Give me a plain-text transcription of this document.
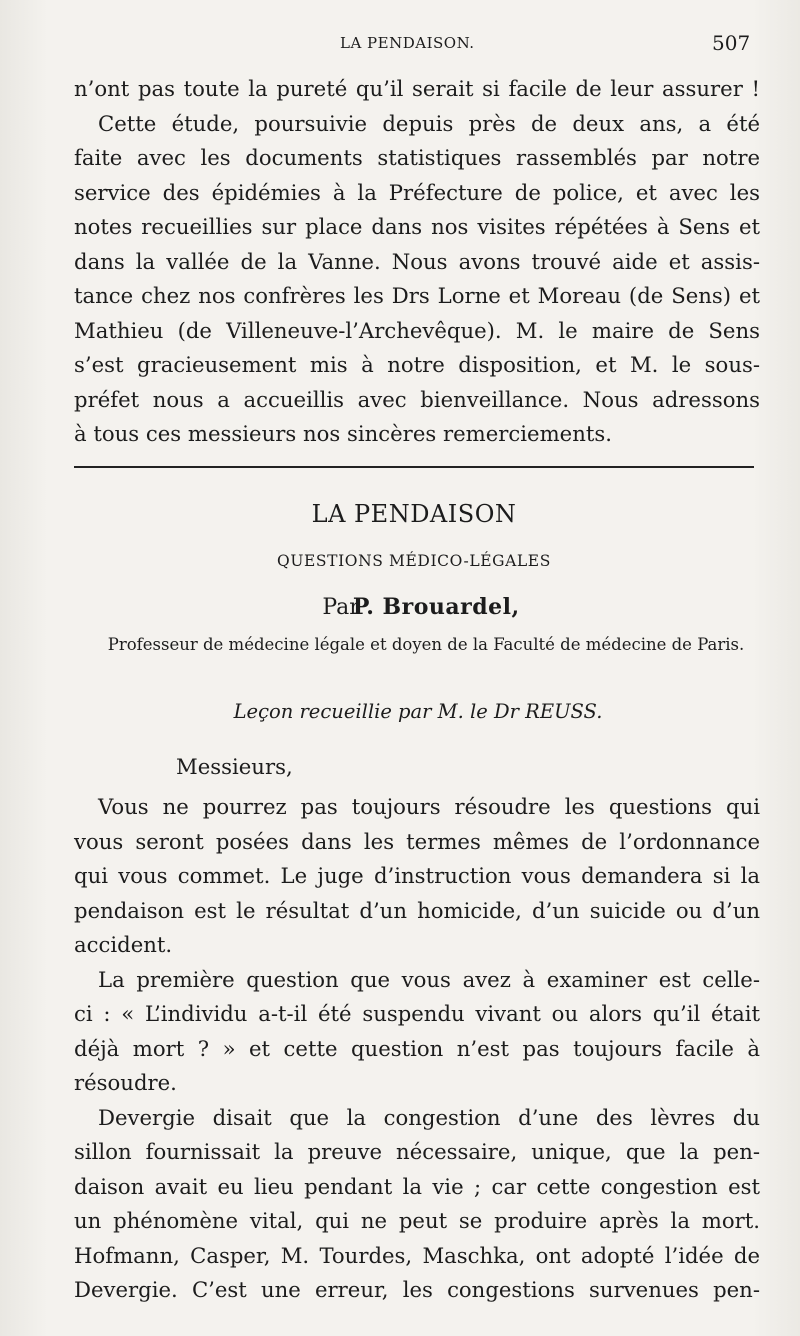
LA PENDAISON.	507
n’ont pas toute la pureté qu’il serait si facile de leur assurer !
Cette étude, poursuivie depuis près de deux ans, a été
faite avec les documents statistiques rassemblés par notre
service des épidémies à la Préfecture de police, et avec les
notes recueillies sur place dans nos visites répétées à Sens et
dans la vallée de la Vanne. Nous avons trouvé aide et assis-
tance chez nos confrères les Drs Lorne et Moreau (de Sens) et
Mathieu (de Villeneuve-l’Archevêque). M. le maire de Sens
s’est gracieusement mis à notre disposition, et M. le sous-
préfet nous a accueillis avec bienveillance. Nous adressons
à tous ces messieurs nos sincères remerciements.
LA PENDAISON
QUESTIONS MÉDICO-LÉGALES
Par P. Brouardel,
Professeur de médecine légale et doyen de la Faculté de médecine de Paris.
Leçon recueillie par M. le Dr REUSS.
Messieurs,
Vous ne pourrez pas toujours résoudre les questions qui
vous seront posées dans les termes mêmes de l’ordonnance
qui vous commet. Le juge d’instruction vous demandera si la
pendaison est le résultat d’un homicide, d’un suicide ou d’un
accident.
La première question que vous avez à examiner est celle-
ci : « L’individu a-t-il été suspendu vivant ou alors qu’il était
déjà mort ? » et cette question n’est pas toujours facile à
résoudre.
Devergie disait que la congestion d’une des lèvres du
sillon fournissait la preuve nécessaire, unique, que la pen-
daison avait eu lieu pendant la vie ; car cette congestion est
un phénomène vital, qui ne peut se produire après la mort.
Hofmann, Casper, M. Tourdes, Maschka, ont adopté l’idée de
Devergie. C’est une erreur, les congestions survenues pen-
